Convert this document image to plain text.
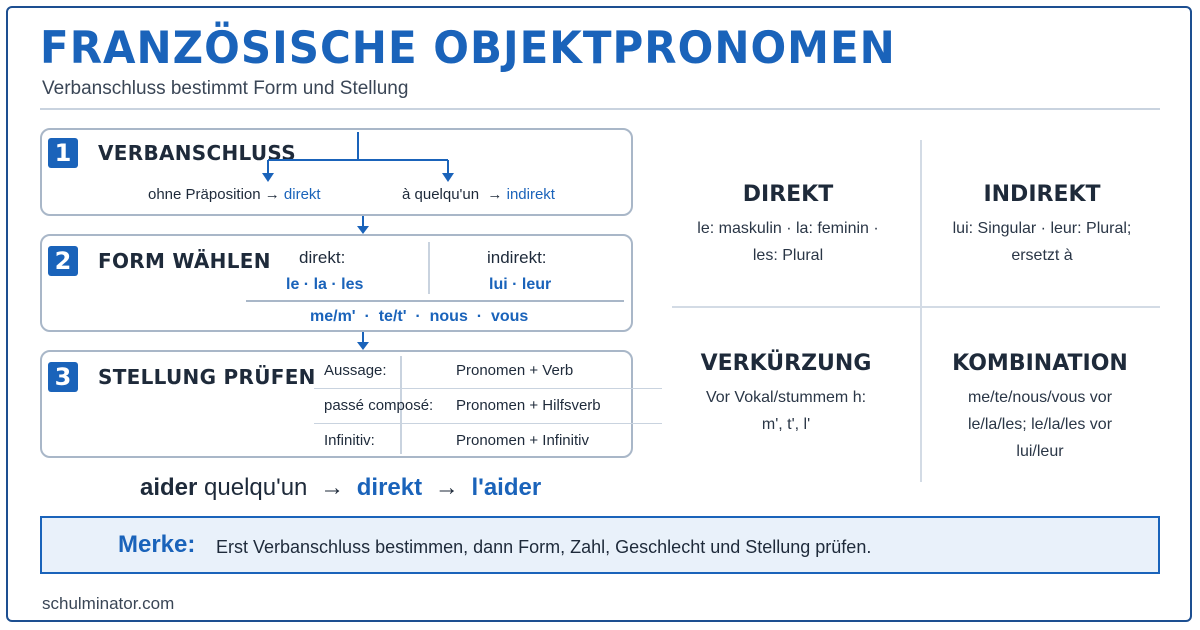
FRANZÖSISCHE OBJEKTPRONOMEN
Verbanschluss bestimmt Form und Stellung
1	VERBANSCHLUSS
ohne Präposition → direkt	à quelqu'un  → indirekt
2	FORM WÄHLEN direkt:
le · la · les
indirekt:
lui · leur
me/m'  ·  te/t'  ·  nous  ·  vous
3	STELLUNG PRÜFEN Aussage:	Pronomen + Verb
passé composé: Pronomen + Hilfsverb
Infinitiv:	Pronomen + Infinitiv
aider quelqu'un → direkt → l'aider
DIREKT
le: maskulin · la: feminin ·
les: Plural
INDIREKT
lui: Singular · leur: Plural;
ersetzt à
VERKÜRZUNG
Vor Vokal/stummem h:
m', t', l'
KOMBINATION
me/te/nous/vous vor
le/la/les; le/la/les vor
lui/leur
Merke: Erst Verbanschluss bestimmen, dann Form, Zahl, Geschlecht und Stellung prüfen.
schulminator.com
